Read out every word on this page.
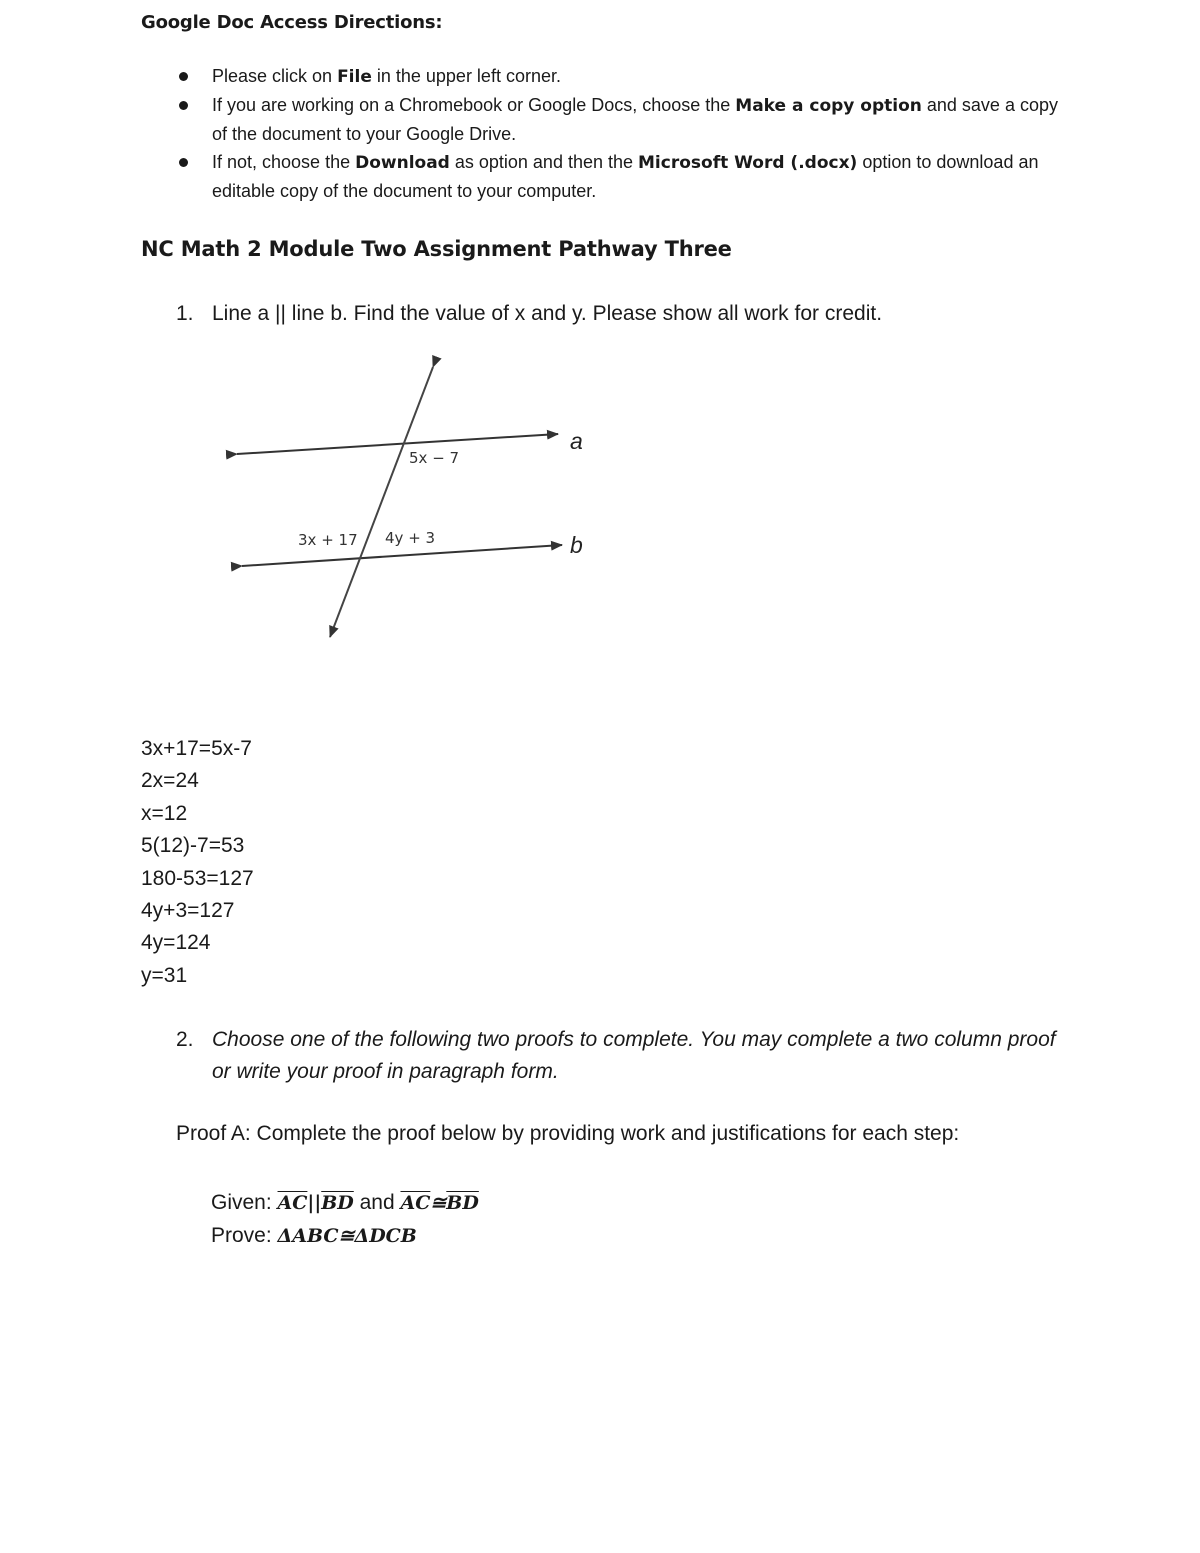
Google Doc Access Directions:
Please click on File in the upper left corner.
If you are working on a Chromebook or Google Docs, choose the Make a copy option and save a copy of the document to your Google Drive.
If not, choose the Download as option and then the Microsoft Word (.docx) option to download an editable copy of the document to your computer.
NC Math 2 Module Two Assignment Pathway Three
1. Line a || line b. Find the value of x and y. Please show all work for credit.
a
b
5x − 7
3x + 17 4y + 3
3x+17=5x-7
2x=24
x=12
5(12)-7=53
180-53=127
4y+3=127
4y=124
y=31
2. Choose one of the following two proofs to complete. You may complete a two column proof or write your proof in paragraph form.
Proof A: Complete the proof below by providing work and justifications for each step:
Given: $\overline{AC}||\overline{BD}$ and $\overline{AC}≅\overline{BD}$
Prove: ΔABC≅ΔDCB
